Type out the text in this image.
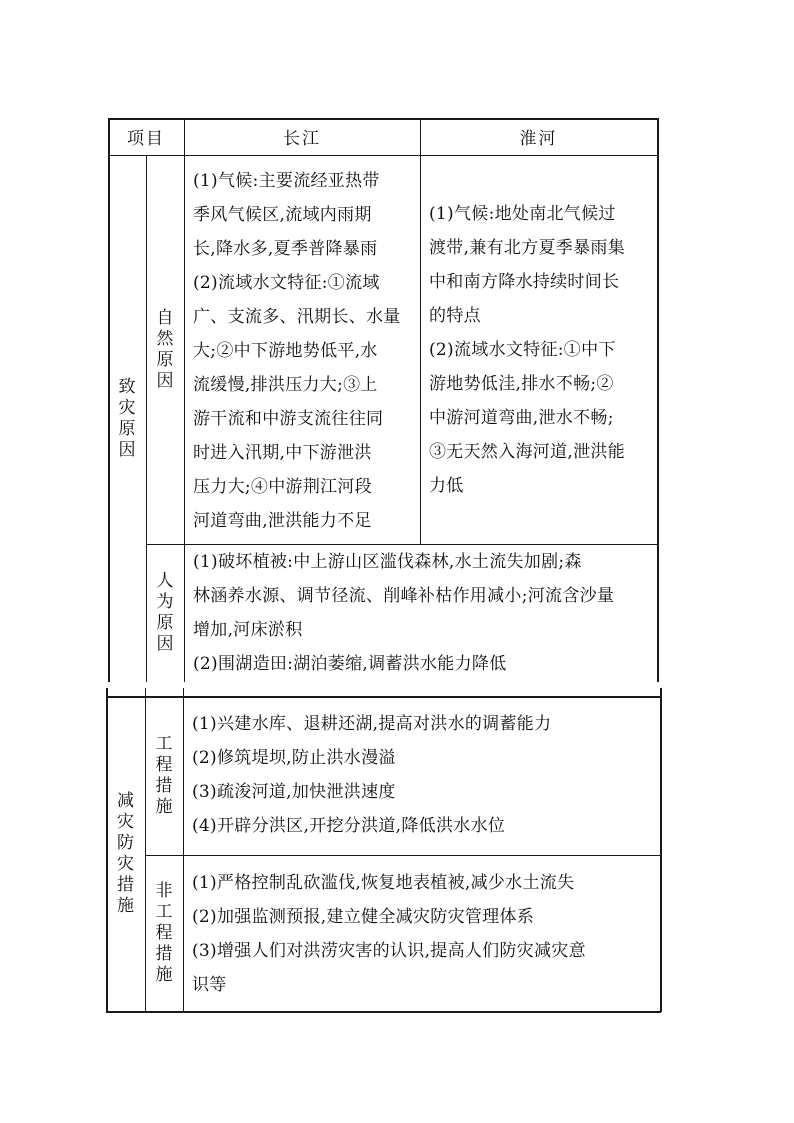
项目	长江	淮河
致
灾
原
因
自
然
原
因
(1)气候:主要流经亚热带
季风气候区,流域内雨期
长,降水多,夏季普降暴雨
(2)流域水文特征:①流域
广、支流多、汛期长、水量
大;②中下游地势低平,水
流缓慢,排洪压力大;③上
游干流和中游支流往往同
时进入汛期,中下游泄洪
压力大;④中游荆江河段
河道弯曲,泄洪能力不足
(1)气候:地处南北气候过
渡带,兼有北方夏季暴雨集
中和南方降水持续时间长
的特点
(2)流域水文特征:①中下
游地势低洼,排水不畅;②
中游河道弯曲,泄水不畅;
③无天然入海河道,泄洪能
力低
人
为
原
因
(1)破坏植被:中上游山区滥伐森林,水土流失加剧;森
林涵养水源、调节径流、削峰补枯作用减小;河流含沙量
增加,河床淤积
(2)围湖造田:湖泊萎缩,调蓄洪水能力降低
减
灾
防
灾
措
施
工
程
措
施
(1)兴建水库、退耕还湖,提高对洪水的调蓄能力
(2)修筑堤坝,防止洪水漫溢
(3)疏浚河道,加快泄洪速度
(4)开辟分洪区,开挖分洪道,降低洪水水位
非
工
程
措
施
(1)严格控制乱砍滥伐,恢复地表植被,减少水土流失
(2)加强监测预报,建立健全减灾防灾管理体系
(3)增强人们对洪涝灾害的认识,提高人们防灾减灾意
识等
